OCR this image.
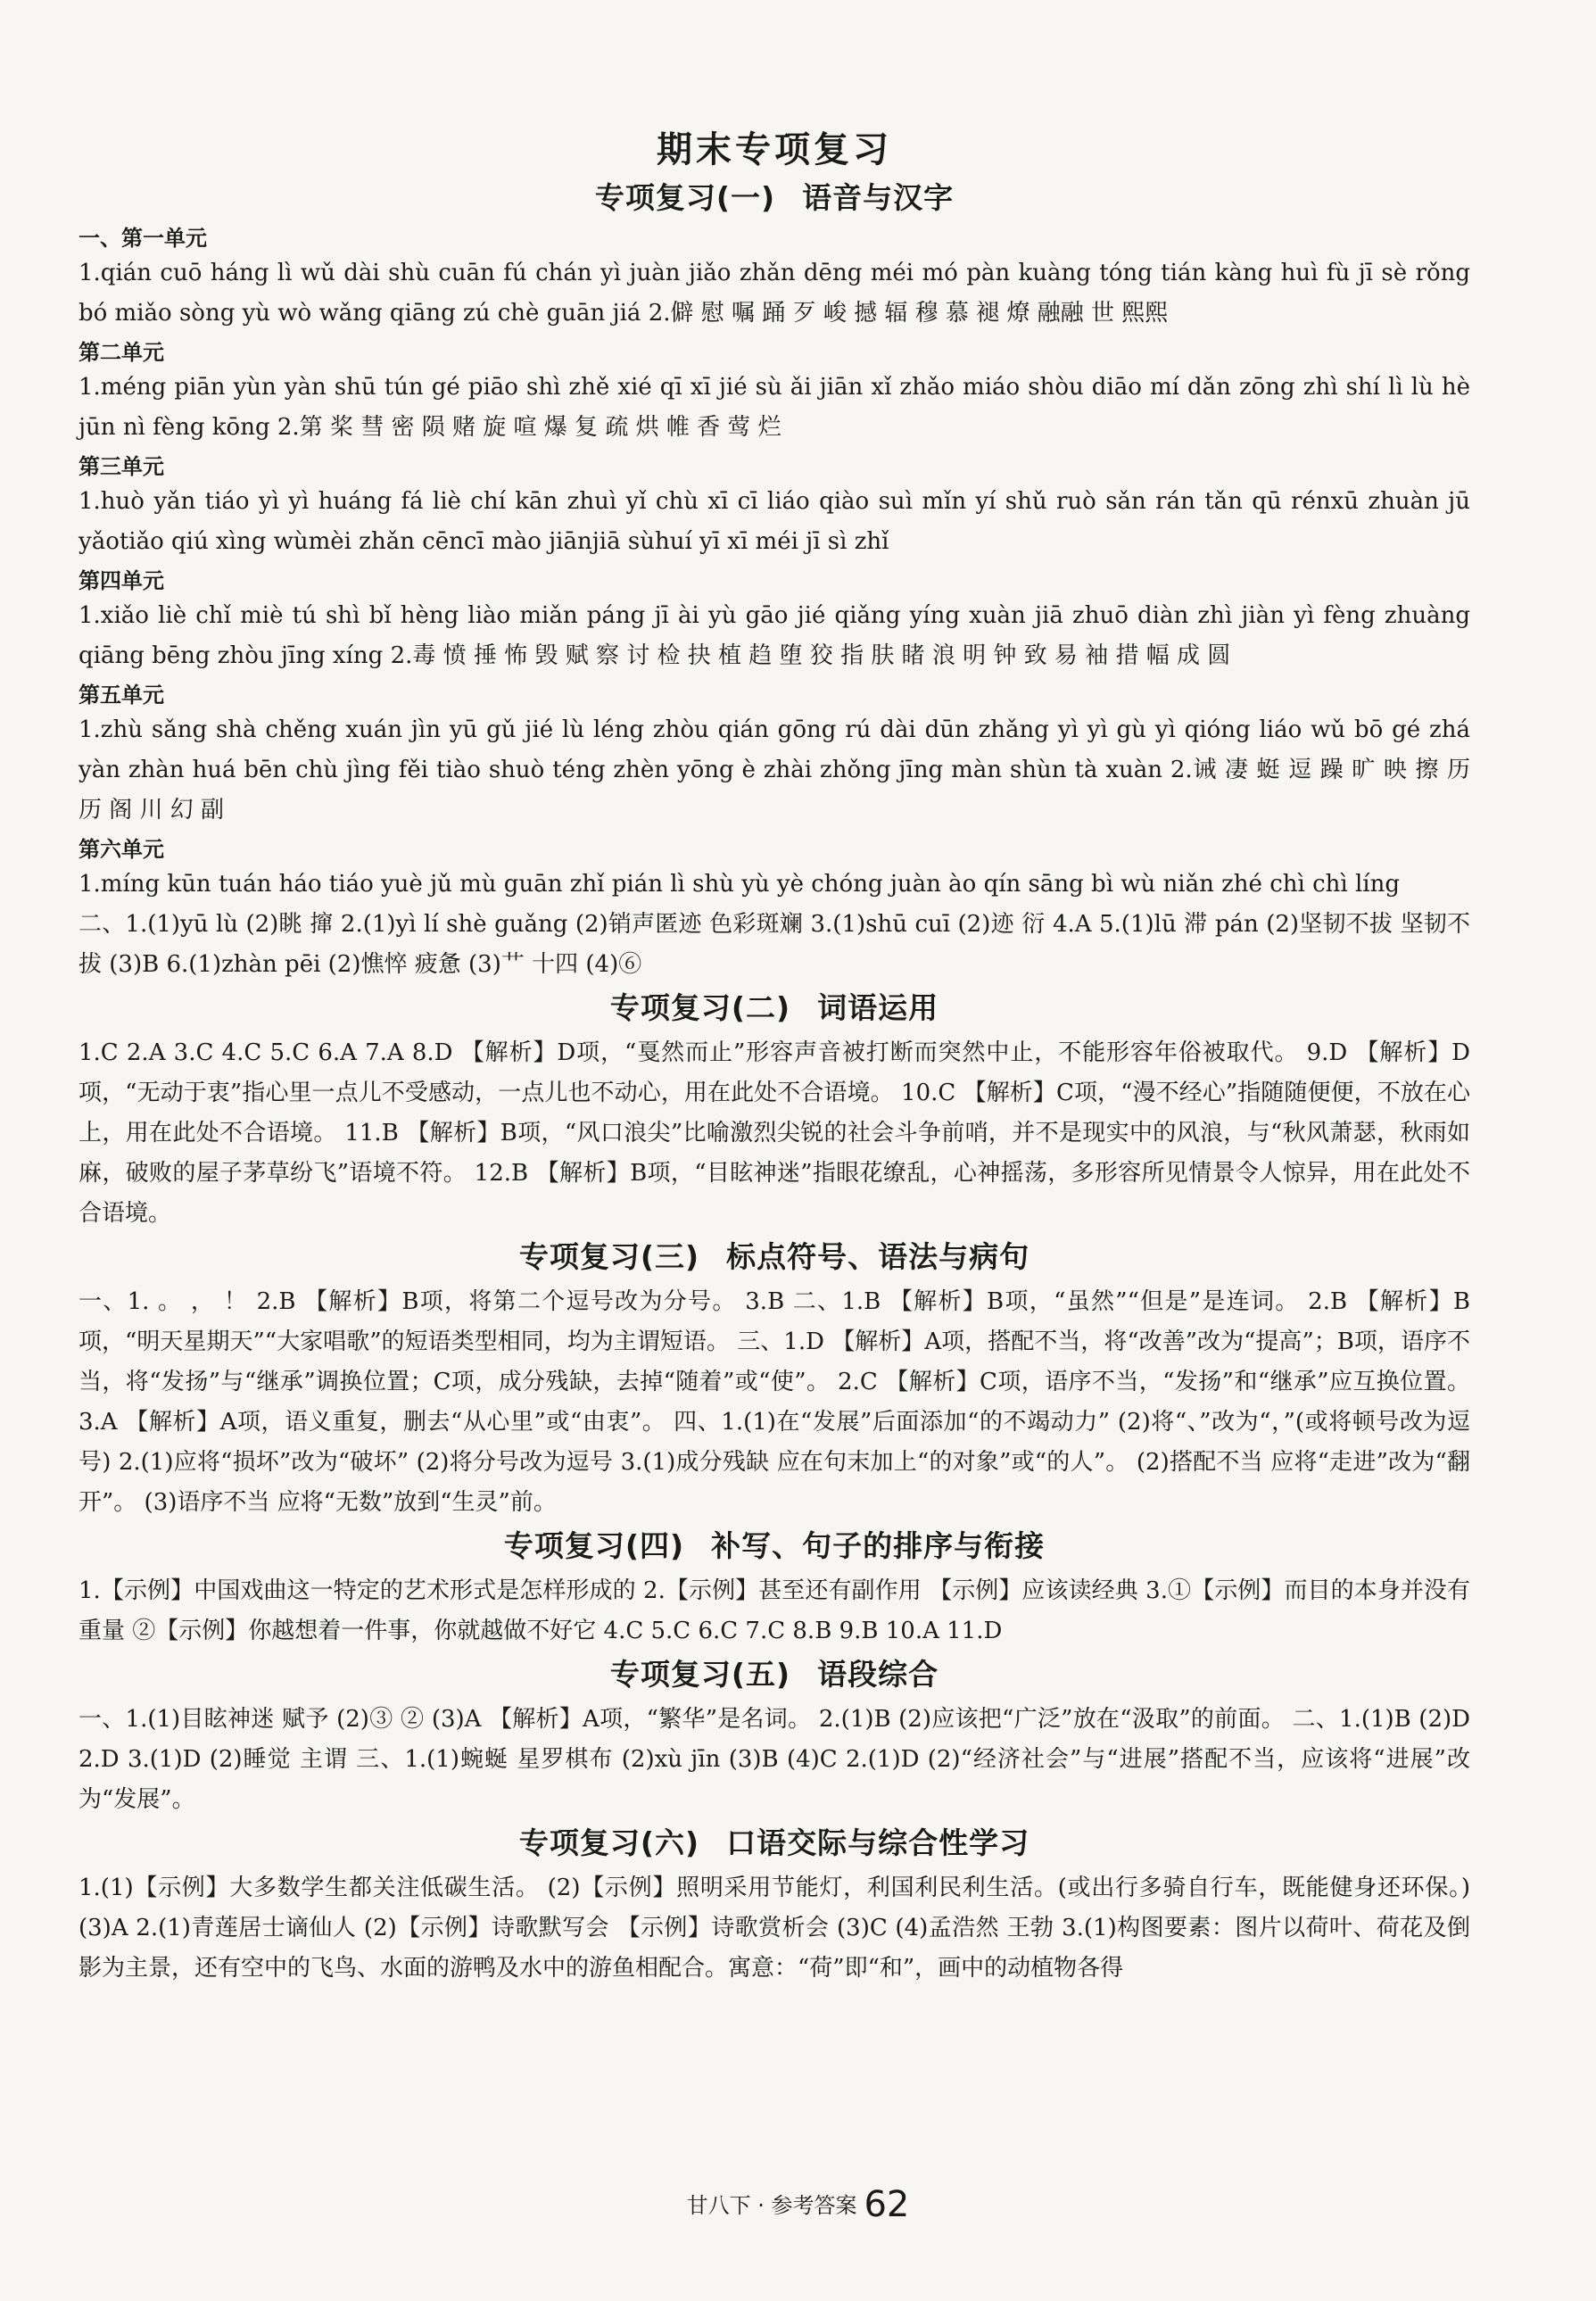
期末专项复习
专项复习(一) 语音与汉字
一、第一单元

1.qián cuō háng lì wǔ dài shù cuān fú chán yì juàn jiǎo zhǎn dēng méi mó pàn kuàng tóng tián kàng huì fù jī sè rǒng bó miǎo sòng yù wò wǎng qiāng zú chè guān jiá 2.僻 慰 嘱 踊 歹 峻 撼 辐 穆 慕 褪 燎 融融 世 熙熙

第二单元

1.méng piān yùn yàn shū tún gé piāo shì zhě xié qī xī jié sù ǎi jiān xǐ zhǎo miáo shòu diāo mí dǎn zōng zhì shí lì lù hè jūn nì fèng kōng 2.第 桨 彗 密 陨 赌 旋 喧 爆 复 疏 烘 帷 香 莺 烂

第三单元

1.huò yǎn tiáo yì yì huáng fá liè chí kān zhuì yǐ chù xī cī liáo qiào suì mǐn yí shǔ ruò sǎn rán tǎn qū rénxū zhuàn jū yǎotiǎo qiú xìng wùmèi zhǎn cēncī mào jiānjiā sùhuí yī xī méi jī sì zhǐ

第四单元

1.xiǎo liè chǐ miè tú shì bǐ hèng liào miǎn páng jī ài yù gāo jié qiǎng yíng xuàn jiā zhuō diàn zhì jiàn yì fèng zhuàng qiāng bēng zhòu jīng xíng 2.毒 愤 捶 怖 毁 赋 察 讨 检 抉 植 趋 堕 狡 指 肤 睹 浪 明 钟 致 易 袖 措 幅 成 圆

第五单元

1.zhù sǎng shà chěng xuán jìn yū gǔ jié lù léng zhòu qián gōng rú dài dūn zhǎng yì yì gù yì qióng liáo wǔ bō gé zhá yàn zhàn huá bēn chù jìng fěi tiào shuò téng zhèn yōng è zhài zhǒng jīng màn shùn tà xuàn 2.诫 凄 蜓 逗 躁 旷 映 擦 历历 阁 川 幻 副

第六单元

1.míng kūn tuán háo tiáo yuè jǔ mù guān zhǐ pián lì shù yù yè chóng juàn ào qín sāng bì wù niǎn zhé chì chì líng

二、1.(1)yū lù (2)眺 撺 2.(1)yì lí shè guǎng (2)销声匿迹 色彩斑斓 3.(1)shū cuī (2)迹 衍 4.A 5.(1)lū 滞 pán (2)坚韧不拔 坚韧不拔 (3)B 6.(1)zhàn pēi (2)憔悴 疲惫 (3)艹 十四 (4)⑥

专项复习(二) 词语运用

1.C 2.A 3.C 4.C 5.C 6.A 7.A 8.D 【解析】D项，“戛然而止”形容声音被打断而突然中止，不能形容年俗被取代。 9.D 【解析】D项，“无动于衷”指心里一点儿不受感动，一点儿也不动心，用在此处不合语境。 10.C 【解析】C项，“漫不经心”指随随便便，不放在心上，用在此处不合语境。 11.B 【解析】B项，“风口浪尖”比喻激烈尖锐的社会斗争前哨，并不是现实中的风浪，与“秋风萧瑟，秋雨如麻，破败的屋子茅草纷飞”语境不符。 12.B 【解析】B项，“目眩神迷”指眼花缭乱，心神摇荡，多形容所见情景令人惊异，用在此处不合语境。

专项复习(三) 标点符号、语法与病句

一、1. 。 ， ！ 2.B 【解析】B项，将第二个逗号改为分号。 3.B 二、1.B 【解析】B项，“虽然”“但是”是连词。 2.B 【解析】B项，“明天星期天”“大家唱歌”的短语类型相同，均为主谓短语。 三、1.D 【解析】A项，搭配不当，将“改善”改为“提高”；B项，语序不当，将“发扬”与“继承”调换位置；C项，成分残缺，去掉“随着”或“使”。 2.C 【解析】C项，语序不当，“发扬”和“继承”应互换位置。 3.A 【解析】A项，语义重复，删去“从心里”或“由衷”。 四、1.(1)在“发展”后面添加“的不竭动力” (2)将“、”改为“，”(或将顿号改为逗号) 2.(1)应将“损坏”改为“破坏” (2)将分号改为逗号 3.(1)成分残缺 应在句末加上“的对象”或“的人”。 (2)搭配不当 应将“走进”改为“翻开”。 (3)语序不当 应将“无数”放到“生灵”前。

专项复习(四) 补写、句子的排序与衔接

1.【示例】中国戏曲这一特定的艺术形式是怎样形成的 2.【示例】甚至还有副作用 【示例】应该读经典 3.①【示例】而目的本身并没有重量 ②【示例】你越想着一件事，你就越做不好它 4.C 5.C 6.C 7.C 8.B 9.B 10.A 11.D

专项复习(五) 语段综合

一、1.(1)目眩神迷 赋予 (2)③ ② (3)A 【解析】A项，“繁华”是名词。 2.(1)B (2)应该把“广泛”放在“汲取”的前面。 二、1.(1)B (2)D 2.D 3.(1)D (2)睡觉 主谓 三、1.(1)蜿蜒 星罗棋布 (2)xù jīn (3)B (4)C 2.(1)D (2)“经济社会”与“进展”搭配不当，应该将“进展”改为“发展”。

专项复习(六) 口语交际与综合性学习

1.(1)【示例】大多数学生都关注低碳生活。 (2)【示例】照明采用节能灯，利国利民利生活。(或出行多骑自行车，既能健身还环保。) (3)A 2.(1)青莲居士谪仙人 (2)【示例】诗歌默写会 【示例】诗歌赏析会 (3)C (4)孟浩然 王勃 3.(1)构图要素：图片以荷叶、荷花及倒影为主景，还有空中的飞鸟、水面的游鸭及水中的游鱼相配合。寓意：“荷”即“和”，画中的动植物各得

甘八下 · 参考答案 62
